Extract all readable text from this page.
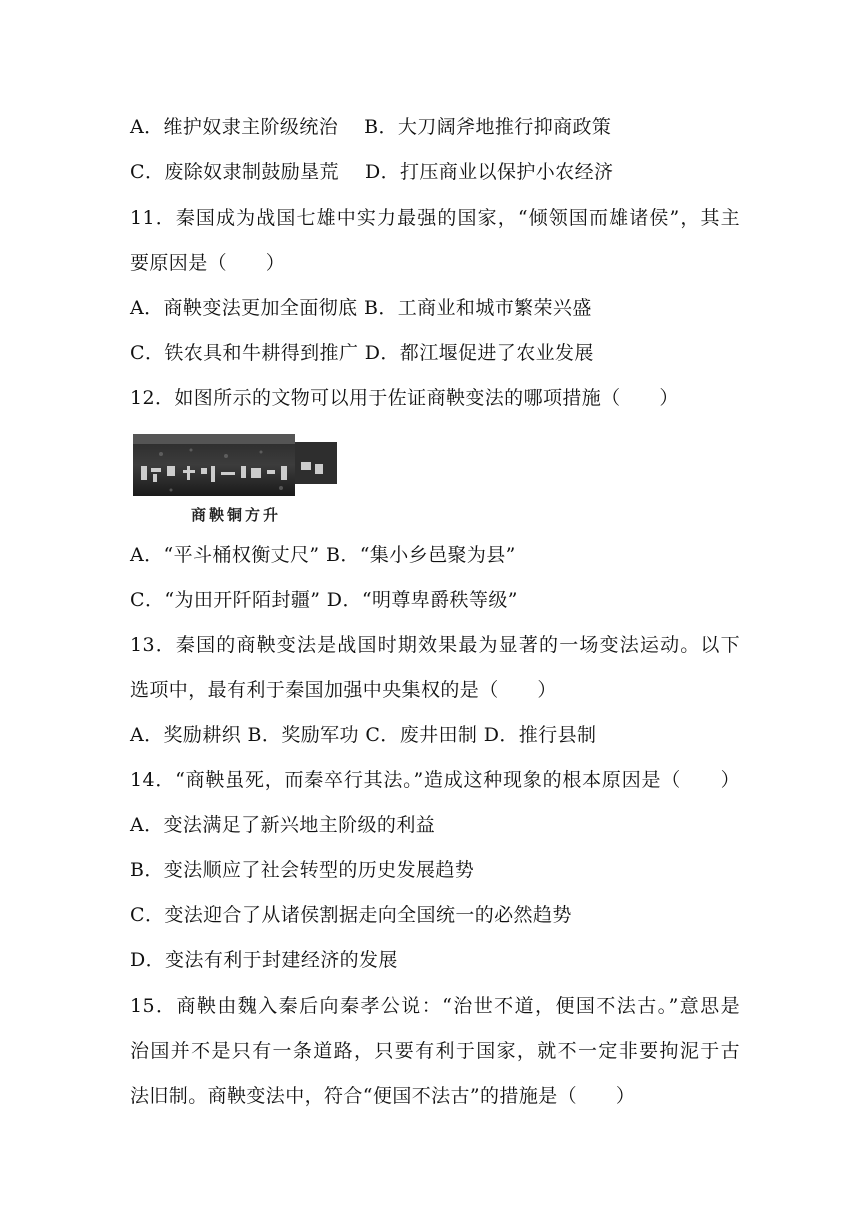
A．维护奴隶主阶级统治 B．大刀阔斧地推行抑商政策
C．废除奴隶制鼓励垦荒 D．打压商业以保护小农经济
11．秦国成为战国七雄中实力最强的国家，“倾领国而雄诸侯”，其主
要原因是（　　）
A．商鞅变法更加全面彻底 B．工商业和城市繁荣兴盛
C．铁农具和牛耕得到推广 D．都江堰促进了农业发展
12．如图所示的文物可以用于佐证商鞅变法的哪项措施（　　）
商鞅铜方升
A．“平斗桶权衡丈尺” B．“集小乡邑聚为县”
C．“为田开阡陌封疆” D．“明尊卑爵秩等级”
13．秦国的商鞅变法是战国时期效果最为显著的一场变法运动。以下
选项中，最有利于秦国加强中央集权的是（　　）
A．奖励耕织 B．奖励军功 C．废井田制 D．推行县制
14．“商鞅虽死，而秦卒行其法。”造成这种现象的根本原因是（　　）
A．变法满足了新兴地主阶级的利益
B．变法顺应了社会转型的历史发展趋势
C．变法迎合了从诸侯割据走向全国统一的必然趋势
D．变法有利于封建经济的发展
15．商鞅由魏入秦后向秦孝公说：“治世不道，便国不法古。”意思是
治国并不是只有一条道路，只要有利于国家，就不一定非要拘泥于古
法旧制。商鞅变法中，符合“便国不法古”的措施是（　　）
